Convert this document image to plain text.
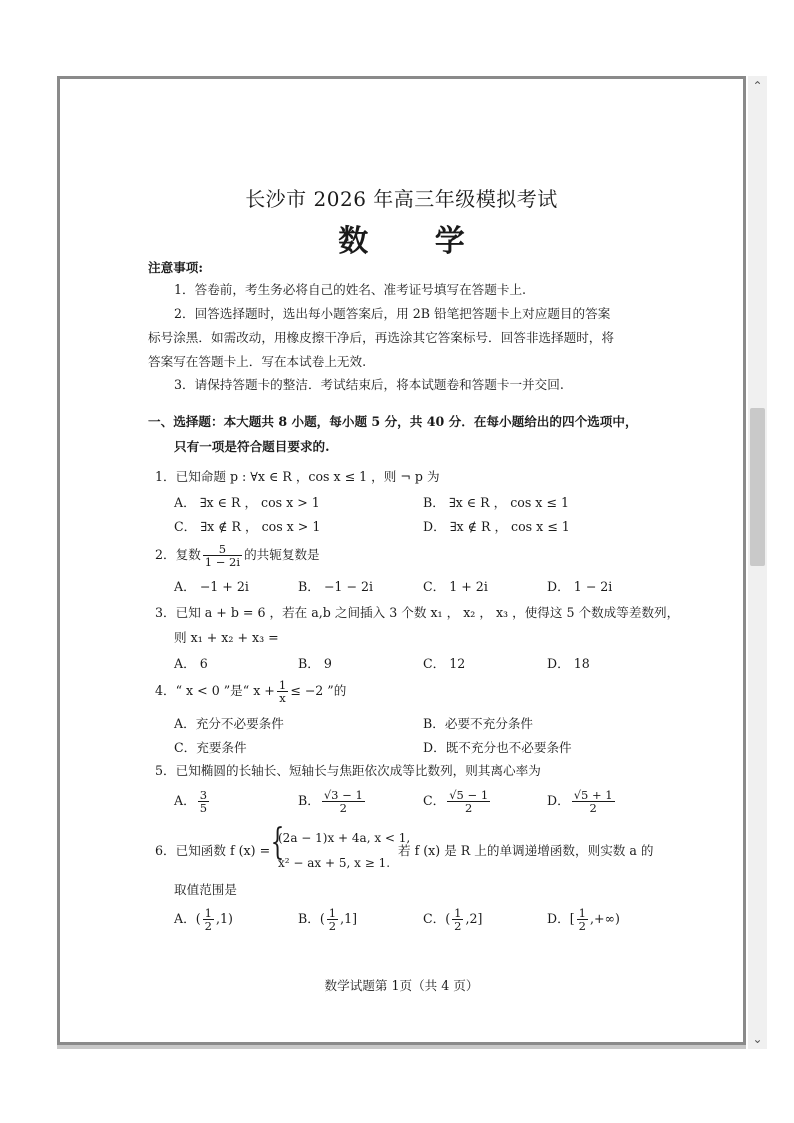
长沙市 2026 年高三年级模拟考试
数 学
注意事项:
1．答卷前，考生务必将自己的姓名、准考证号填写在答题卡上.
2．回答选择题时，选出每小题答案后，用 2B 铅笔把答题卡上对应题目的答案
标号涂黑．如需改动，用橡皮擦干净后，再选涂其它答案标号．回答非选择题时，将
答案写在答题卡上．写在本试卷上无效.
3．请保持答题卡的整洁．考试结束后，将本试题卷和答题卡一并交回.
一、选择题：本大题共 8 小题，每小题 5 分，共 40 分．在每小题给出的四个选项中，
只有一项是符合题目要求的.
1．已知命题 p : ∀x ∈ R ，cos x ≤ 1 ，则 ¬ p 为
A． ∃x ∈ R ， cos x > 1	B． ∃x ∈ R ， cos x ≤ 1
C． ∃x ∉ R ， cos x > 1	D． ∃x ∉ R ， cos x ≤ 1
2．复数 $\frac{5}{1 - 2i}$ 的共轭复数是
A． −1 + 2i	B． −1 − 2i	C． 1 + 2i	D． 1 − 2i
3．已知 a + b = 6 ，若在 a,b 之间插入 3 个数 x₁ ， x₂ ， x₃ ，使得这 5 个数成等差数列，
则 x₁ + x₂ + x₃ =
A． 6	B． 9	C． 12	D． 18
4．“ x < 0 ”是“ $x + \frac{1}{x} \le -2$ ”的
A．充分不必要条件	B．必要不充分条件
C．充要条件	D．既不充分也不必要条件
5．已知椭圆的长轴长、短轴长与焦距依次成等比数列，则其离心率为
A． $\frac{3}{5}$	B． $\frac{√3 - 1}{2}$	C． $\frac{√5 - 1}{2}$	D． $\frac{√5 + 1}{2}$
6．已知函数 f (x) = {
(2a − 1)x + 4a, x < 1,
x² − ax + 5, x ≥ 1.
若 f (x) 是 R 上的单调递增函数，则实数 a 的
取值范围是
A．( $\frac{1}{2} ,1$)	B．( $\frac{1}{2} ,1$]	C．( $\frac{1}{2} ,2$]	D．[ $\frac{1}{2}$ ,+∞)
数学试题第 1页（共 4 页）
⌃
⌄
